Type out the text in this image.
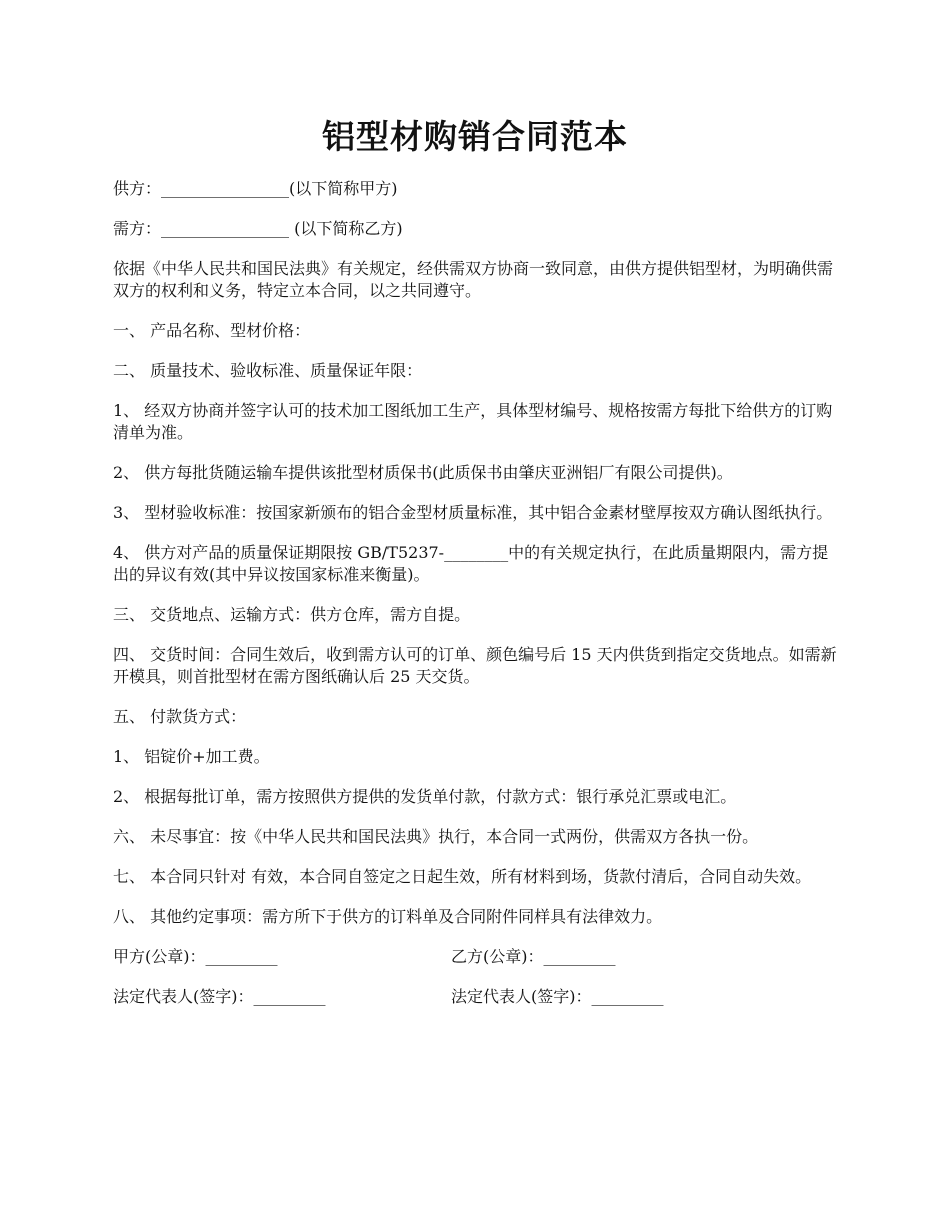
铝型材购销合同范本

供方：________________(以下简称甲方)

需方：________________ (以下简称乙方)

依据《中华人民共和国民法典》有关规定，经供需双方协商一致同意，由供方提供铝型材，为明确供需双方的权利和义务，特定立本合同，以之共同遵守。

一、 产品名称、型材价格：

二、 质量技术、验收标准、质量保证年限：

1、 经双方协商并签字认可的技术加工图纸加工生产，具体型材编号、规格按需方每批下给供方的订购清单为准。

2、 供方每批货随运输车提供该批型材质保书(此质保书由肇庆亚洲铝厂有限公司提供)。

3、 型材验收标准：按国家新颁布的铝合金型材质量标准，其中铝合金素材壁厚按双方确认图纸执行。

4、 供方对产品的质量保证期限按 GB/T5237-________中的有关规定执行，在此质量期限内，需方提出的异议有效(其中异议按国家标准来衡量)。

三、 交货地点、运输方式：供方仓库，需方自提。

四、 交货时间：合同生效后，收到需方认可的订单、颜色编号后 15 天内供货到指定交货地点。如需新开模具，则首批型材在需方图纸确认后 25 天交货。

五、 付款货方式：

1、 铝锭价+加工费。

2、 根据每批订单，需方按照供方提供的发货单付款，付款方式：银行承兑汇票或电汇。

六、 未尽事宜：按《中华人民共和国民法典》执行，本合同一式两份，供需双方各执一份。

七、 本合同只针对 有效，本合同自签定之日起生效，所有材料到场，货款付清后，合同自动失效。

八、 其他约定事项：需方所下于供方的订料单及合同附件同样具有法律效力。

甲方(公章)：_________	乙方(公章)：_________
法定代表人(签字)：_________	法定代表人(签字)：_________
